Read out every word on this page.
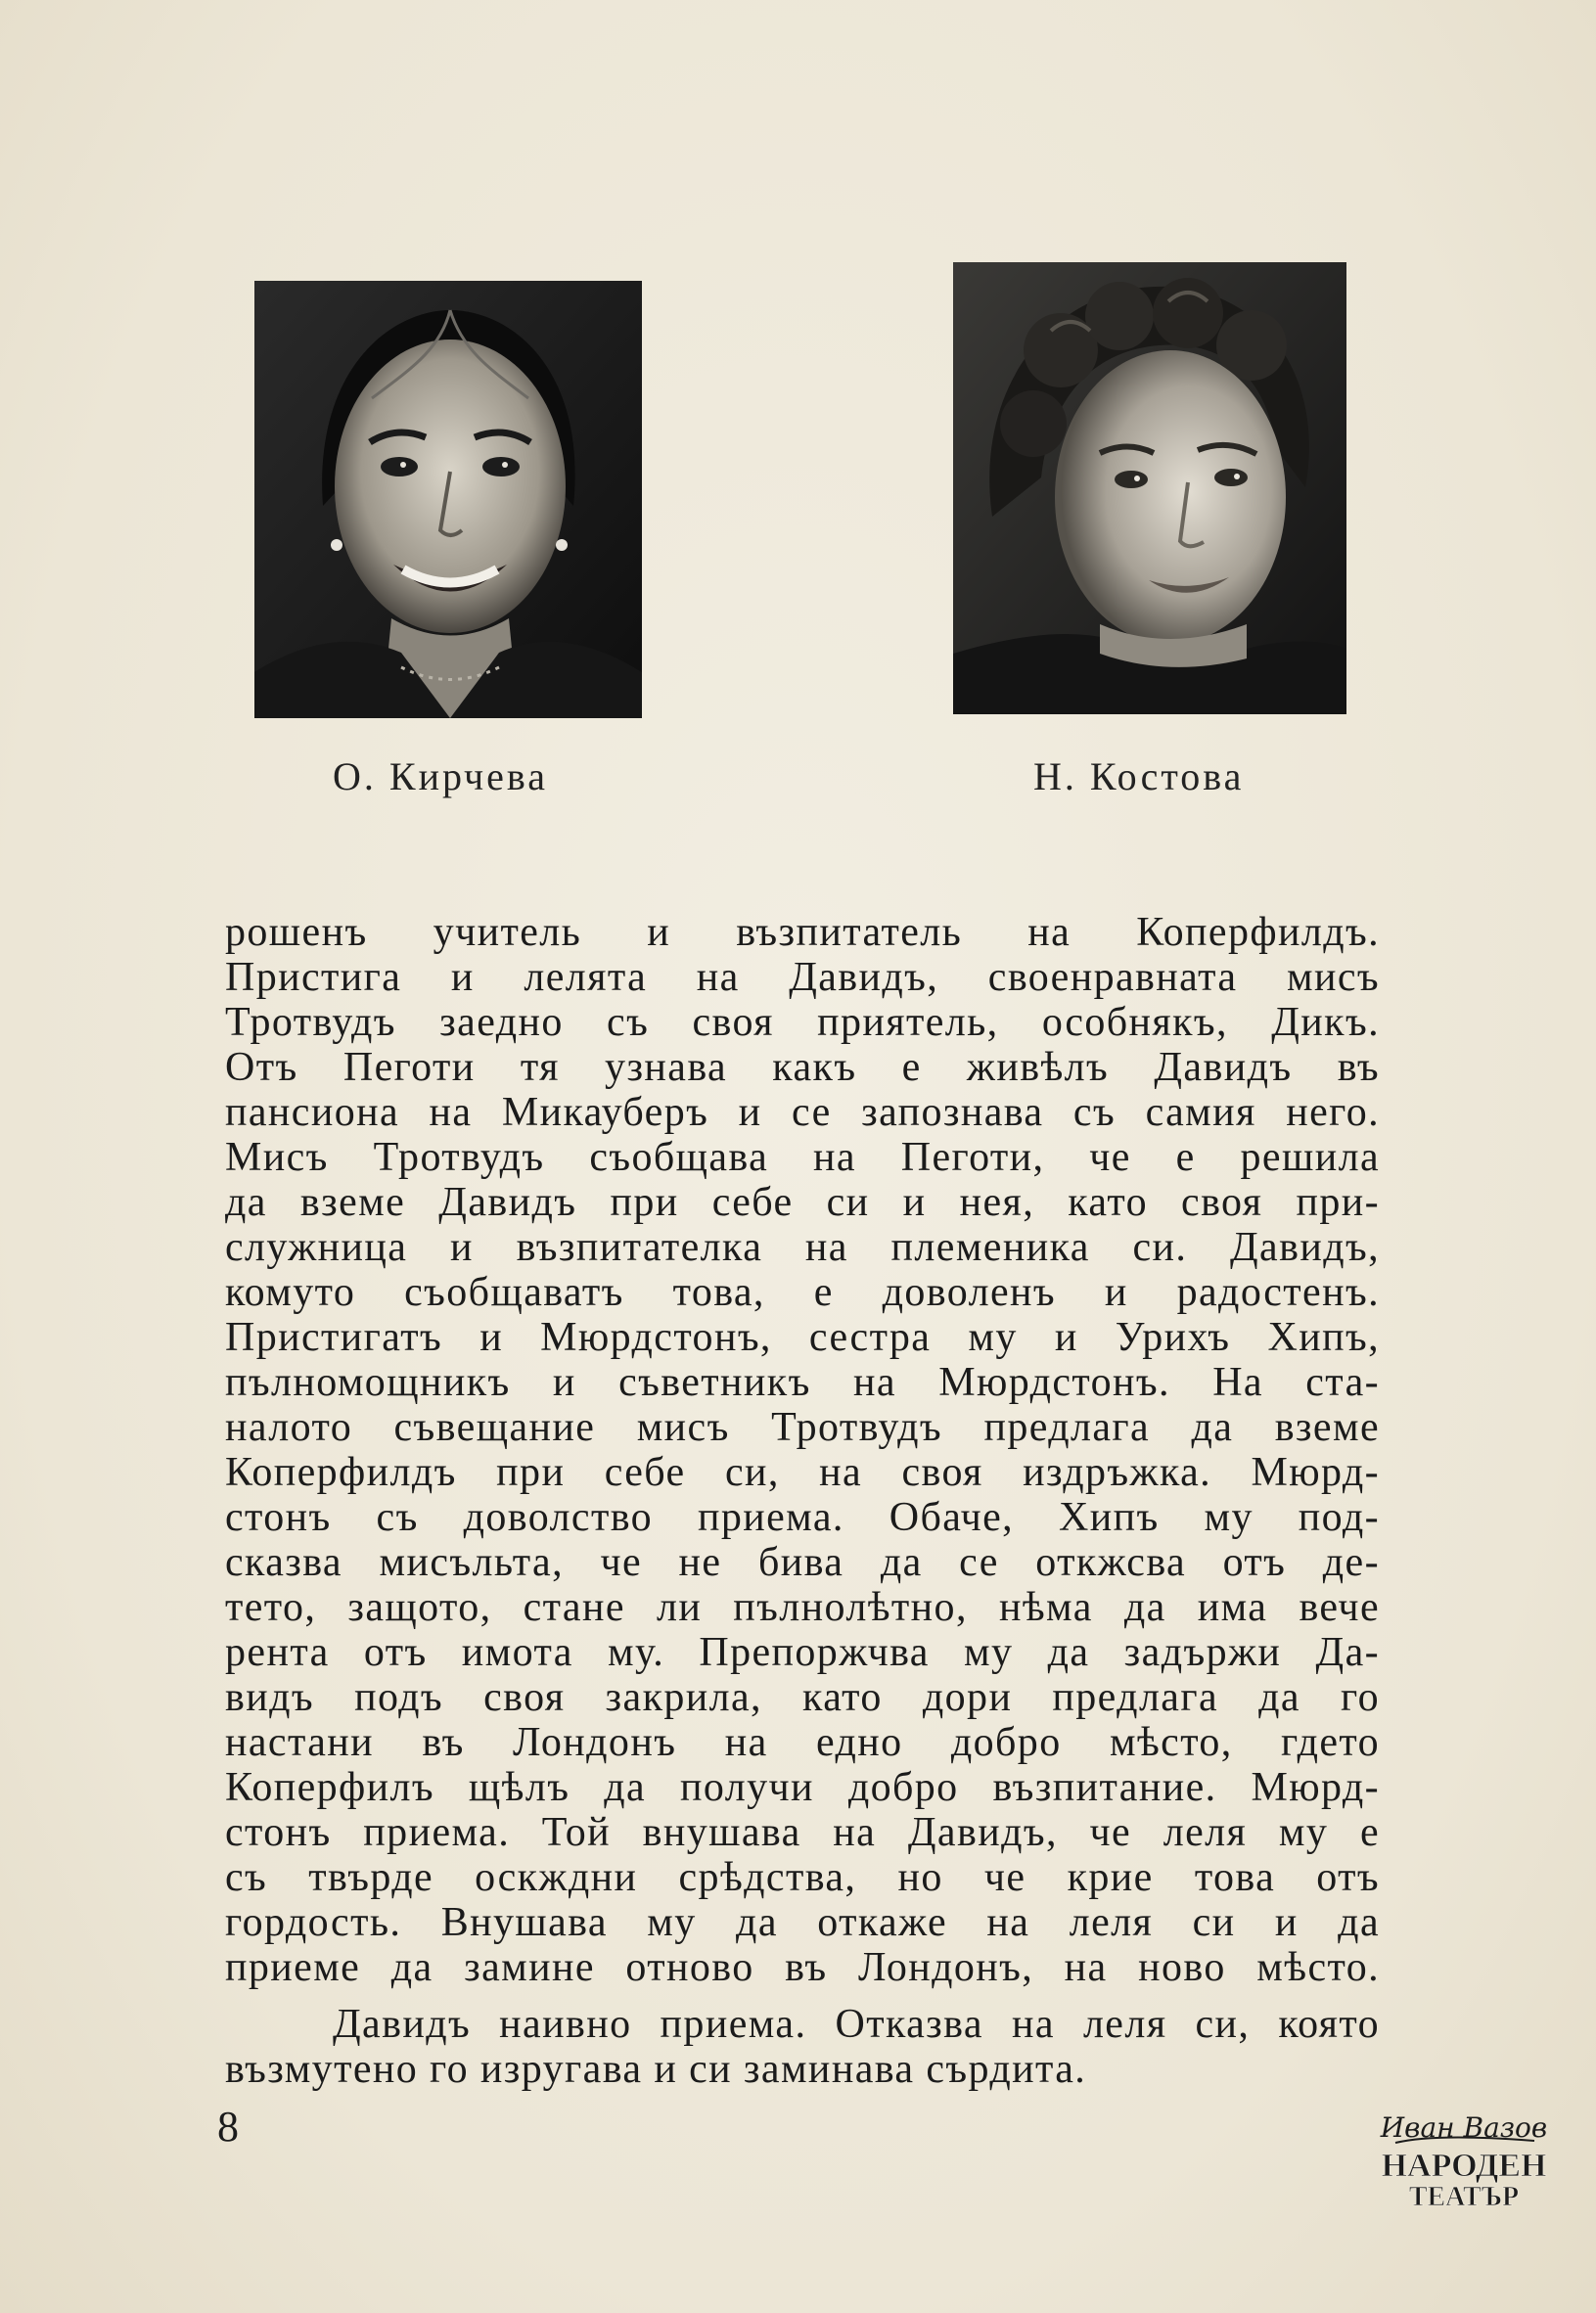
О. Кирчева	Н. Костова
рошенъ учитель и възпитатель на Коперфилдъ.
Пристига и лелята на Давидъ, своенравната мисъ
Тротвудъ заедно съ своя приятель, особнякъ, Дикъ.
Отъ Пеготи тя узнава какъ е живѣлъ Давидъ въ
пансиона на Микауберъ и се запознава съ самия него.
Мисъ Тротвудъ съобщава на Пеготи, че е решила
да вземе Давидъ при себе си и нея, като своя при-
служница и възпитателка на племеника си. Давидъ,
комуто съобщаватъ това, е доволенъ и радостенъ.
Пристигатъ и Мюрдстонъ, сестра му и Урихъ Хипъ,
пълномощникъ и съветникъ на Мюрдстонъ. На ста-
налото съвещание мисъ Тротвудъ предлага да вземе
Коперфилдъ при себе си, на своя издръжка. Мюрд-
стонъ съ доволство приема. Обаче, Хипъ му под-
сказва мисъльта, че не бива да се откжсва отъ де-
тето, защото, стане ли пълнолѣтно, нѣма да има вече
рента отъ имота му. Препоржчва му да задържи Да-
видъ подъ своя закрила, като дори предлага да го
настани въ Лондонъ на едно добро мѣсто, гдето
Коперфилъ щѣлъ да получи добро възпитание. Мюрд-
стонъ приема. Той внушава на Давидъ, че леля му е
съ твърде оскждни срѣдства, но че крие това отъ
гордость. Внушава му да откаже на леля си и да
приеме да замине отново въ Лондонъ, на ново мѣсто.
Давидъ наивно приема. Отказва на леля си, която
възмутено го изругава и си заминава сърдита.
8	Иван Вазов
НАРОДЕН
ТЕАТЪР
